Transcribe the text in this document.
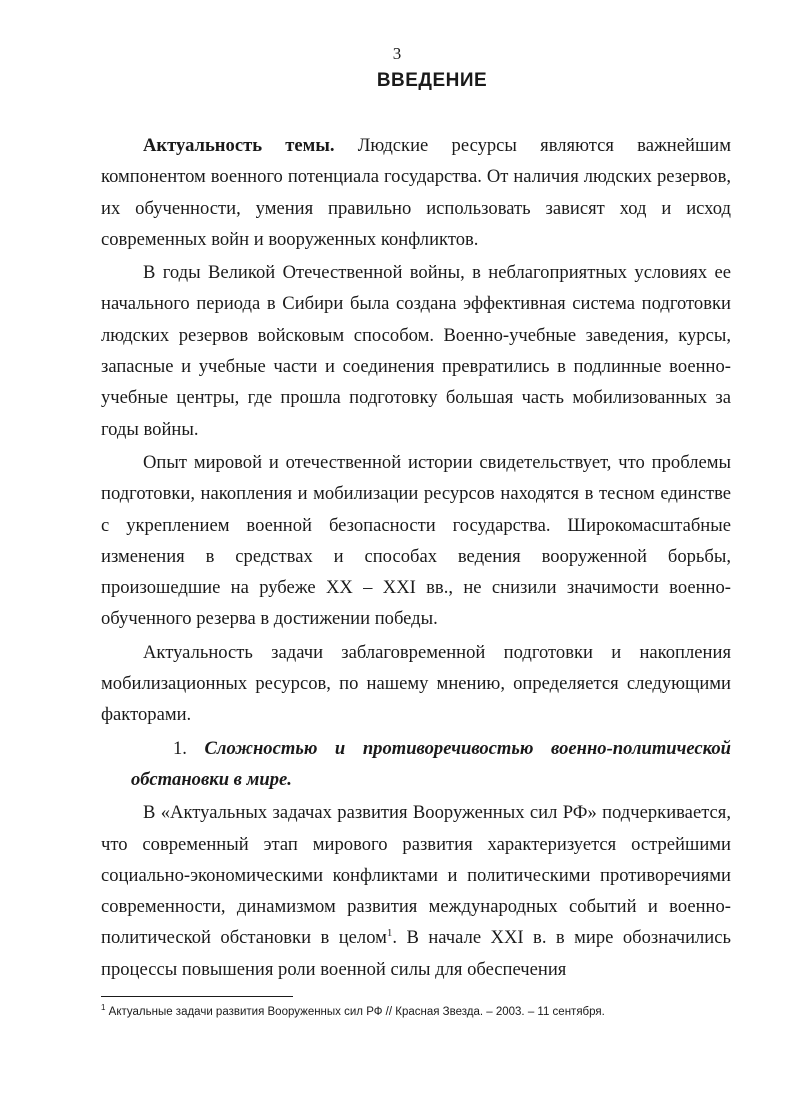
3
ВВЕДЕНИЕ

Актуальность темы. Людские ресурсы являются важнейшим компонентом военного потенциала государства. От наличия людских резервов, их обученности, умения правильно использовать зависят ход и исход современных войн и вооруженных конфликтов.

В годы Великой Отечественной войны, в неблагоприятных условиях ее начального периода в Сибири была создана эффективная система подготовки людских резервов войсковым способом. Военно-учебные заведения, курсы, запасные и учебные части и соединения превратились в подлинные военно-учебные центры, где прошла подготовку большая часть мобилизованных за годы войны.

Опыт мировой и отечественной истории свидетельствует, что проблемы подготовки, накопления и мобилизации ресурсов находятся в тесном единстве с укреплением военной безопасности государства. Широкомасштабные изменения в средствах и способах ведения вооруженной борьбы, произошедшие на рубеже XX – XXI вв., не снизили значимости военно-обученного резерва в достижении победы.

Актуальность задачи заблаговременной подготовки и накопления мобилизационных ресурсов, по нашему мнению, определяется следующими факторами.

1. Сложностью и противоречивостью военно-политической обстановки в мире.

В «Актуальных задачах развития Вооруженных сил РФ» подчеркивается, что современный этап мирового развития характеризуется острейшими социально-экономическими конфликтами и политическими противоречиями современности, динамизмом развития международных событий и военно-политической обстановки в целом$^1$. В начале XXI в. в мире обозначились процессы повышения роли военной силы для обеспечения

$^1$ Актуальные задачи развития Вооруженных сил РФ // Красная Звезда. – 2003. – 11 сентября.
